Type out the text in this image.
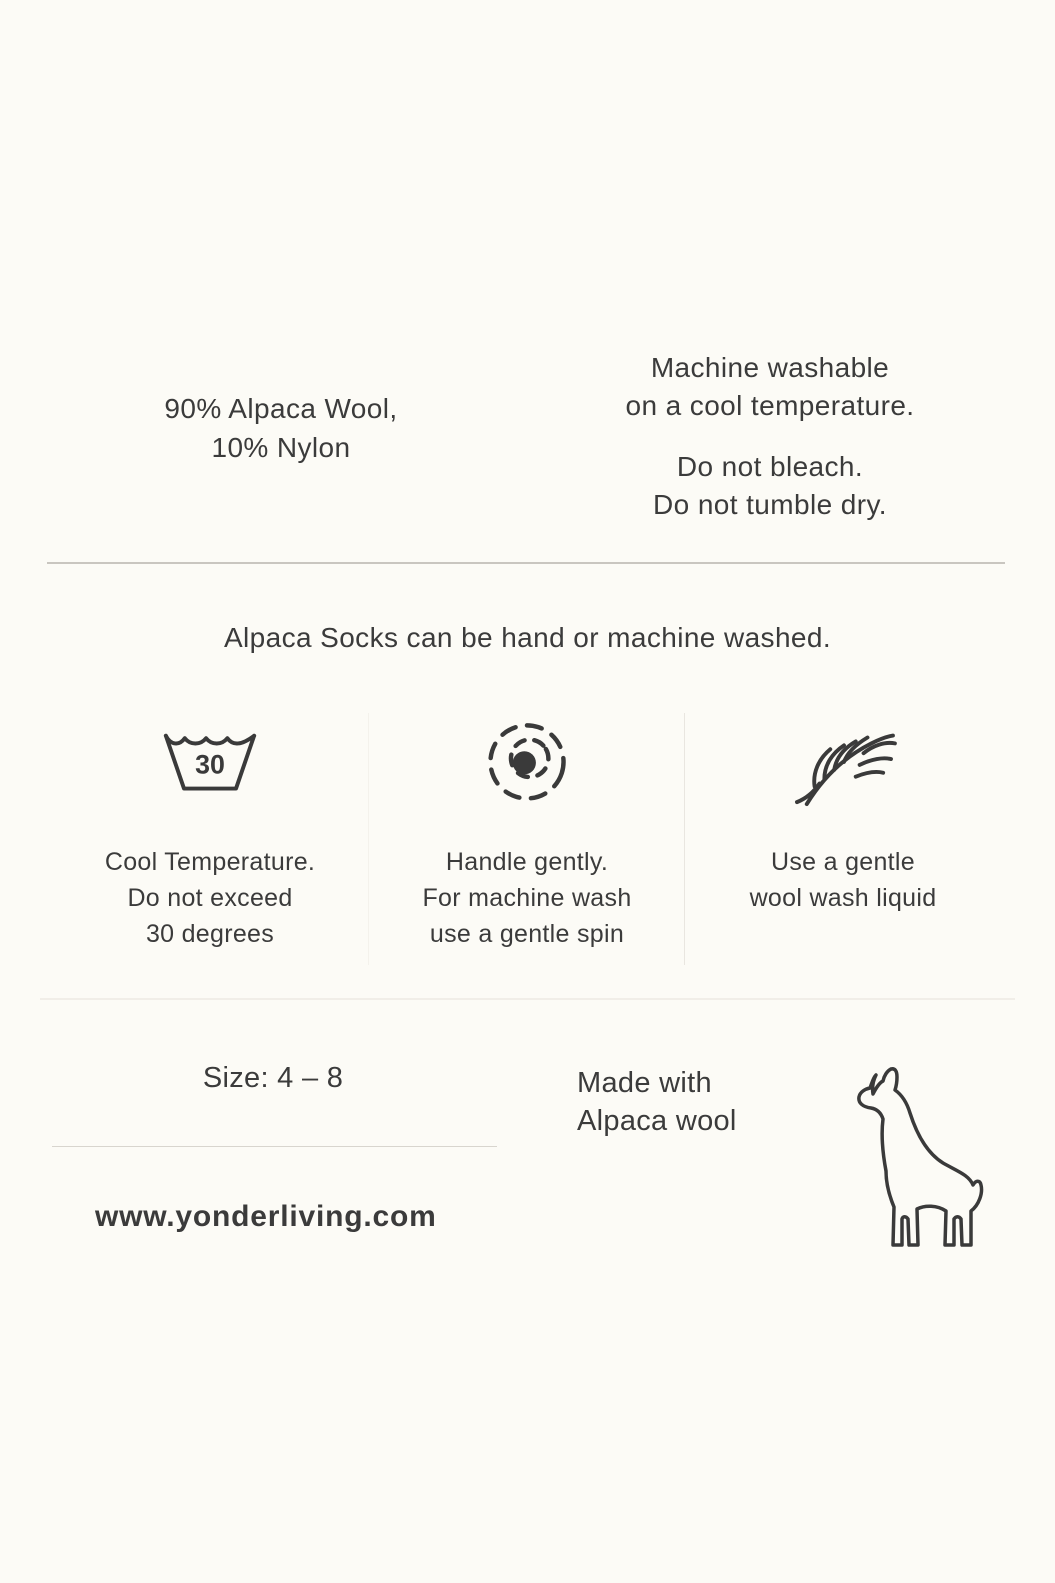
90% Alpaca Wool,
10% Nylon
Machine washable
on a cool temperature.
Do not bleach.
Do not tumble dry.
Alpaca Socks can be hand or machine washed.
30
Cool Temperature.
Do not exceed
30 degrees
Handle gently.
For machine wash
use a gentle spin
Use a gentle
wool wash liquid
Size: 4 – 8	Made with
Alpaca wool
www.yonderliving.com
